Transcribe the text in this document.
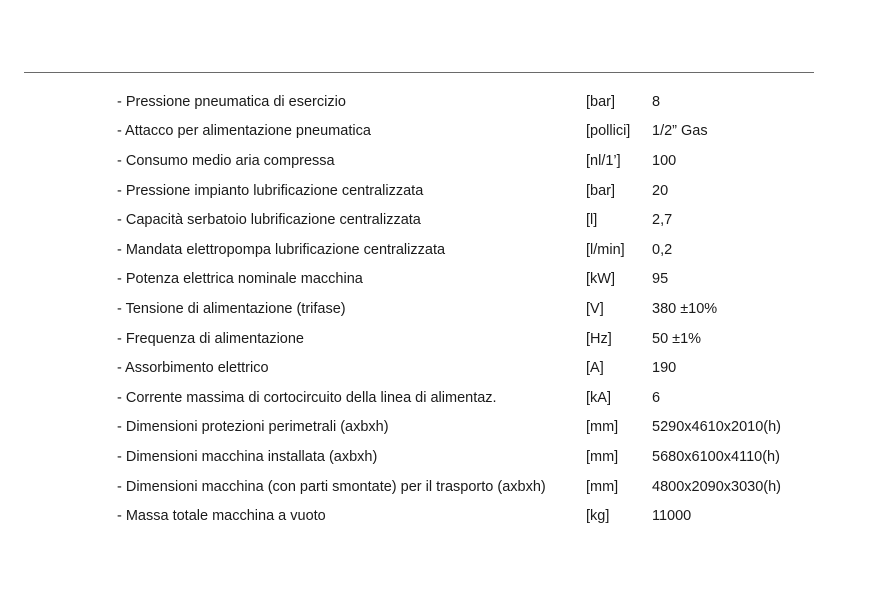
- Pressione pneumatica di esercizio	[bar]	8
- Attacco per alimentazione pneumatica	[pollici]	1/2” Gas
- Consumo medio aria compressa	[nl/1’]	100
- Pressione impianto lubrificazione centralizzata	[bar]	20
- Capacità serbatoio lubrificazione centralizzata	[l]	2,7
- Mandata elettropompa lubrificazione centralizzata	[l/min]	0,2
- Potenza elettrica nominale macchina	[kW]	95
- Tensione di alimentazione (trifase)	[V]	380 ±10%
- Frequenza di alimentazione	[Hz]	50 ±1%
- Assorbimento elettrico	[A]	190
- Corrente massima di cortocircuito della linea di alimentaz.	[kA]	6
- Dimensioni protezioni perimetrali (axbxh)	[mm]	5290x4610x2010(h)
- Dimensioni macchina installata (axbxh)	[mm]	5680x6100x4110(h)
- Dimensioni macchina (con parti smontate) per il trasporto (axbxh)	[mm]	4800x2090x3030(h)
- Massa totale macchina a vuoto	[kg]	11000
